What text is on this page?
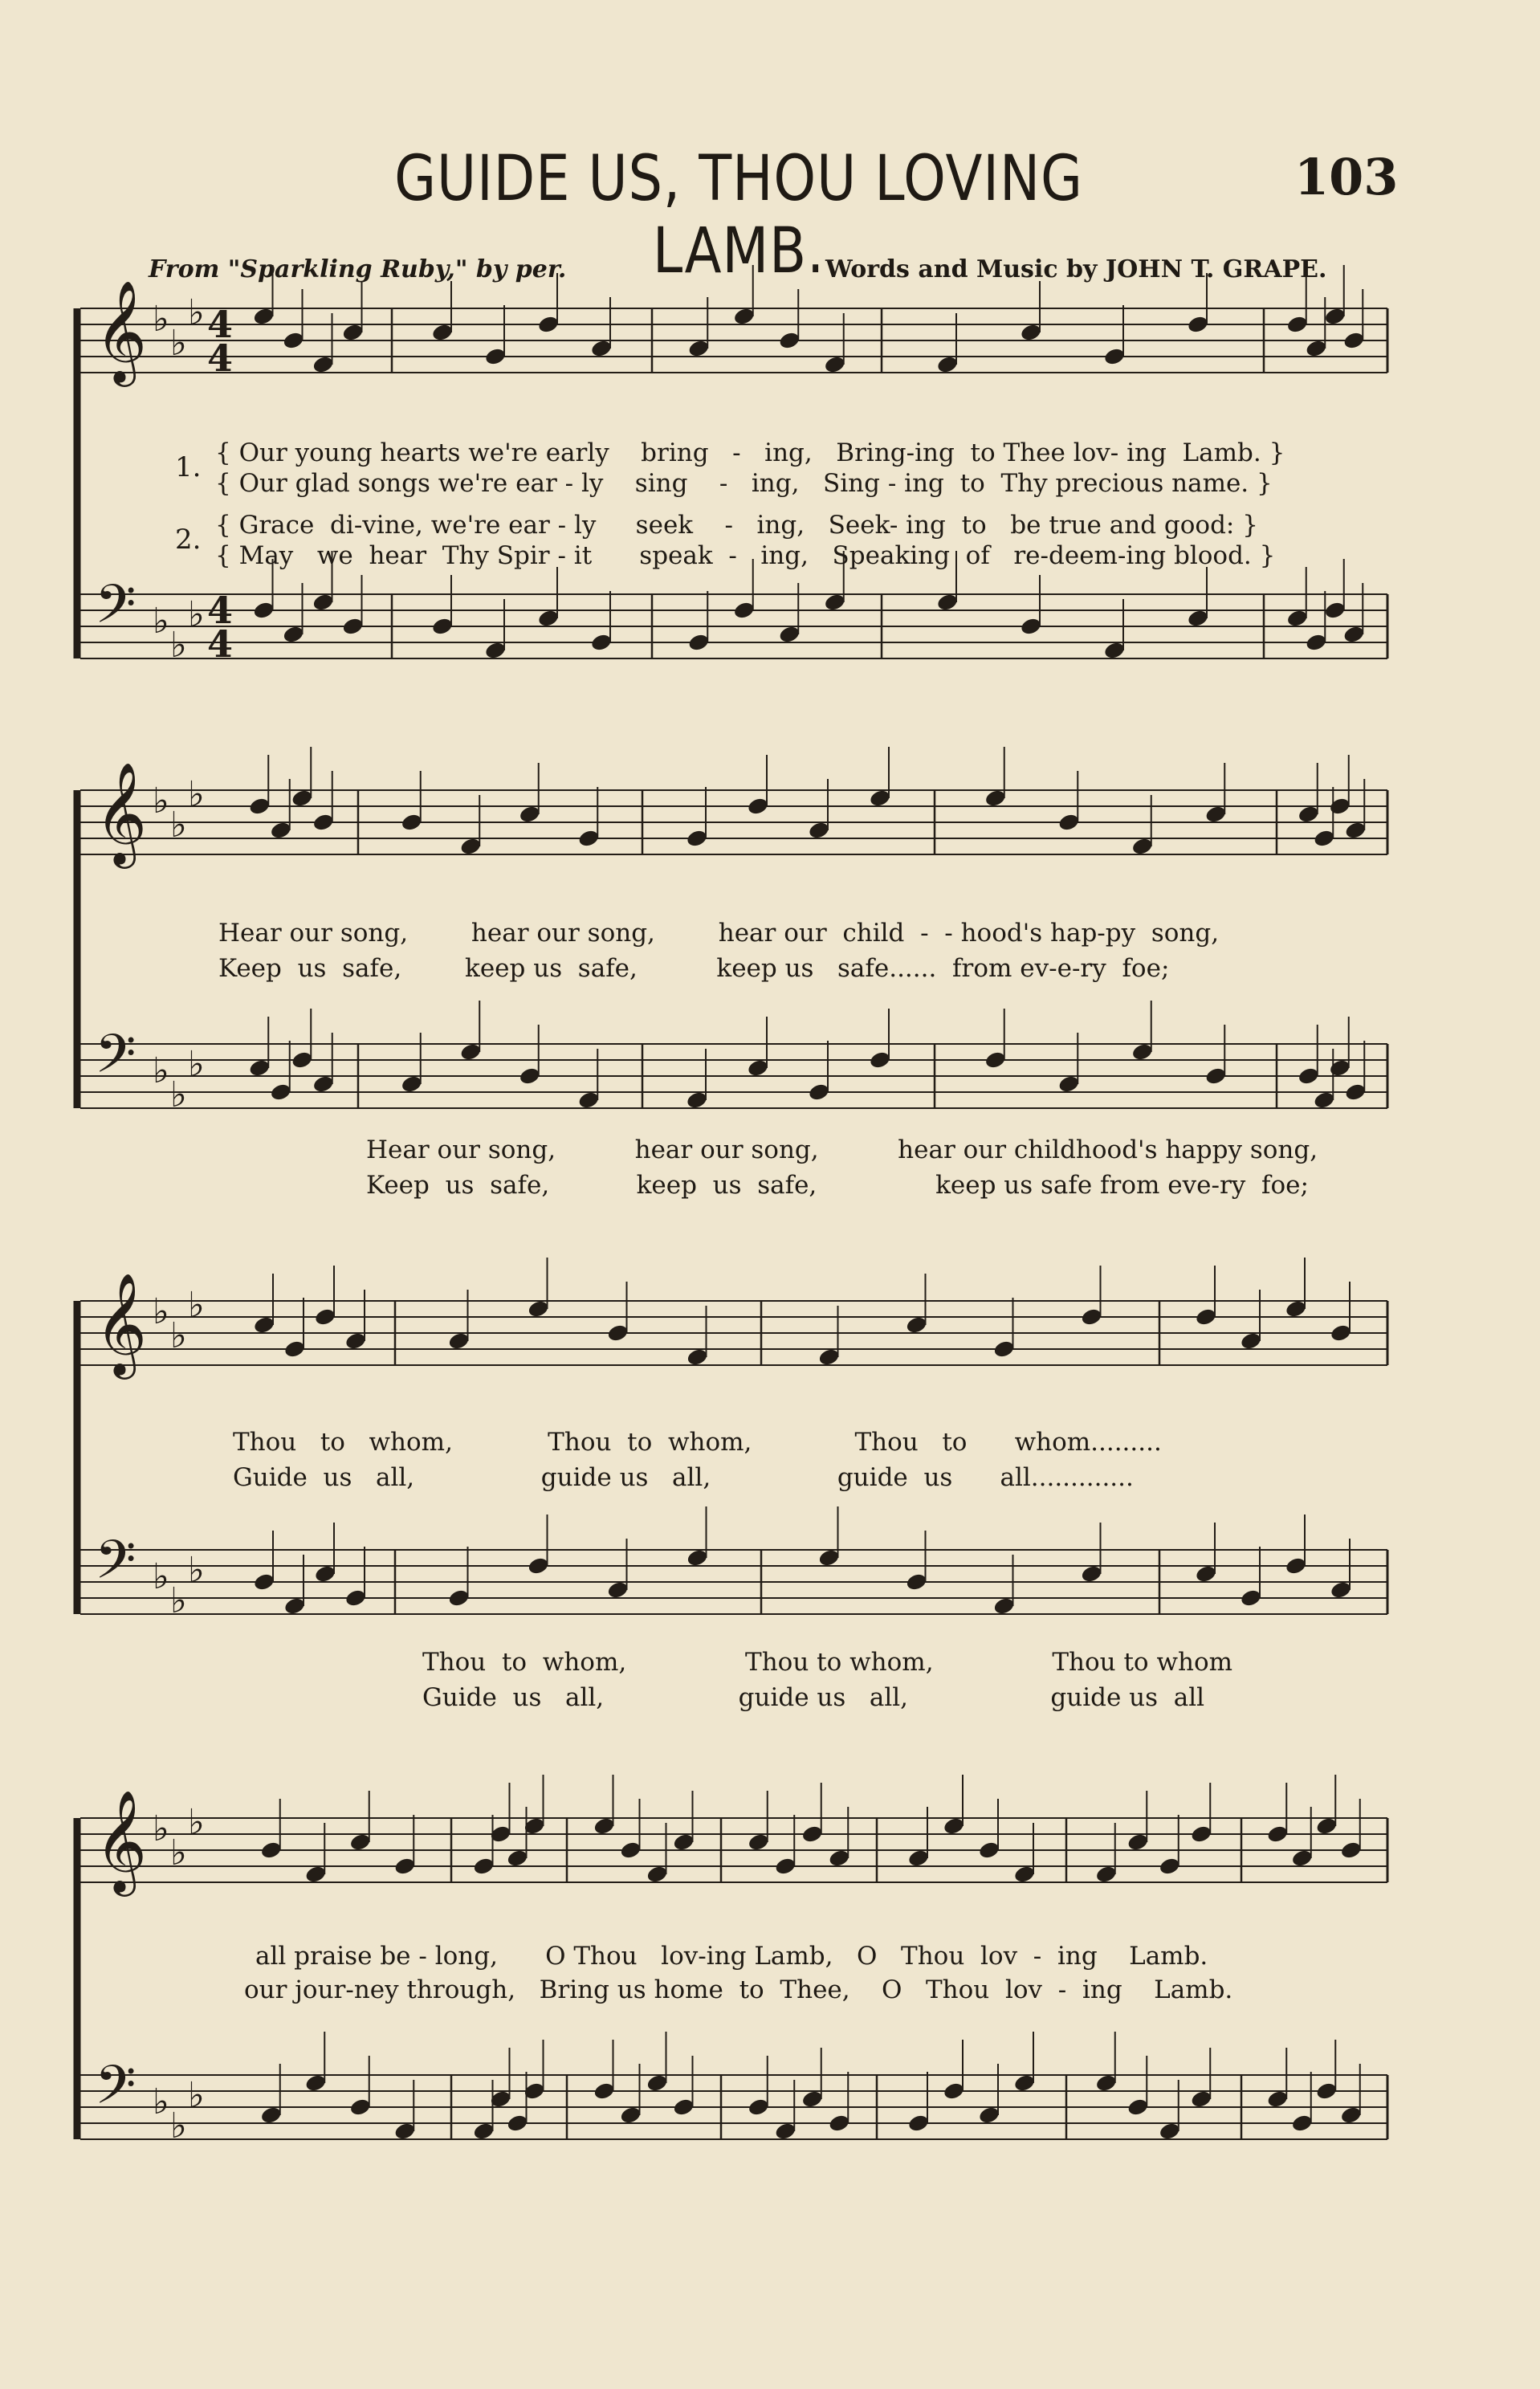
GUIDE US, THOU LOVING LAMB.
103
From "Sparkling Ruby," by per.	Words and Music by JOHN T. GRAPE.
𝄞 ♭
♭
♭ 4
4
𝄢 ♭
♭
♭ 4
4
𝄞 ♭
♭
♭
𝄢 ♭
♭
♭
𝄞 ♭
♭
♭
𝄢 ♭
♭
♭
𝄞 ♭
♭
♭
𝄢 ♭
♭
♭
1. { Our young hearts we're early    bring   -   ing,   Bring-ing  to Thee lov- ing  Lamb. }
{ Our glad songs we're ear - ly    sing    -   ing,   Sing - ing  to  Thy precious name. }
2. { Grace  di-vine, we're ear - ly     seek    -   ing,   Seek- ing  to   be true and good: }
{ May   we  hear  Thy Spir - it      speak  -   ing,   Speaking  of   re-deem-ing blood. }
Hear our song,        hear our song,        hear our  child  -  - hood's hap-py  song,
Keep  us  safe,        keep us  safe,          keep us   safe......  from ev-e-ry  foe;
Hear our song,          hear our song,          hear our childhood's happy song,
Keep  us  safe,           keep  us  safe,               keep us safe from eve-ry  foe;
Thou   to   whom,            Thou  to  whom,             Thou   to      whom.........
Guide  us   all,                guide us   all,                guide  us      all.............
Thou  to  whom,               Thou to whom,               Thou to whom
Guide  us   all,                 guide us   all,                  guide us  all
all praise be - long,      O Thou   lov-ing Lamb,   O   Thou  lov  -  ing    Lamb.
our jour-ney through,   Bring us home  to  Thee,    O   Thou  lov  -  ing    Lamb.
